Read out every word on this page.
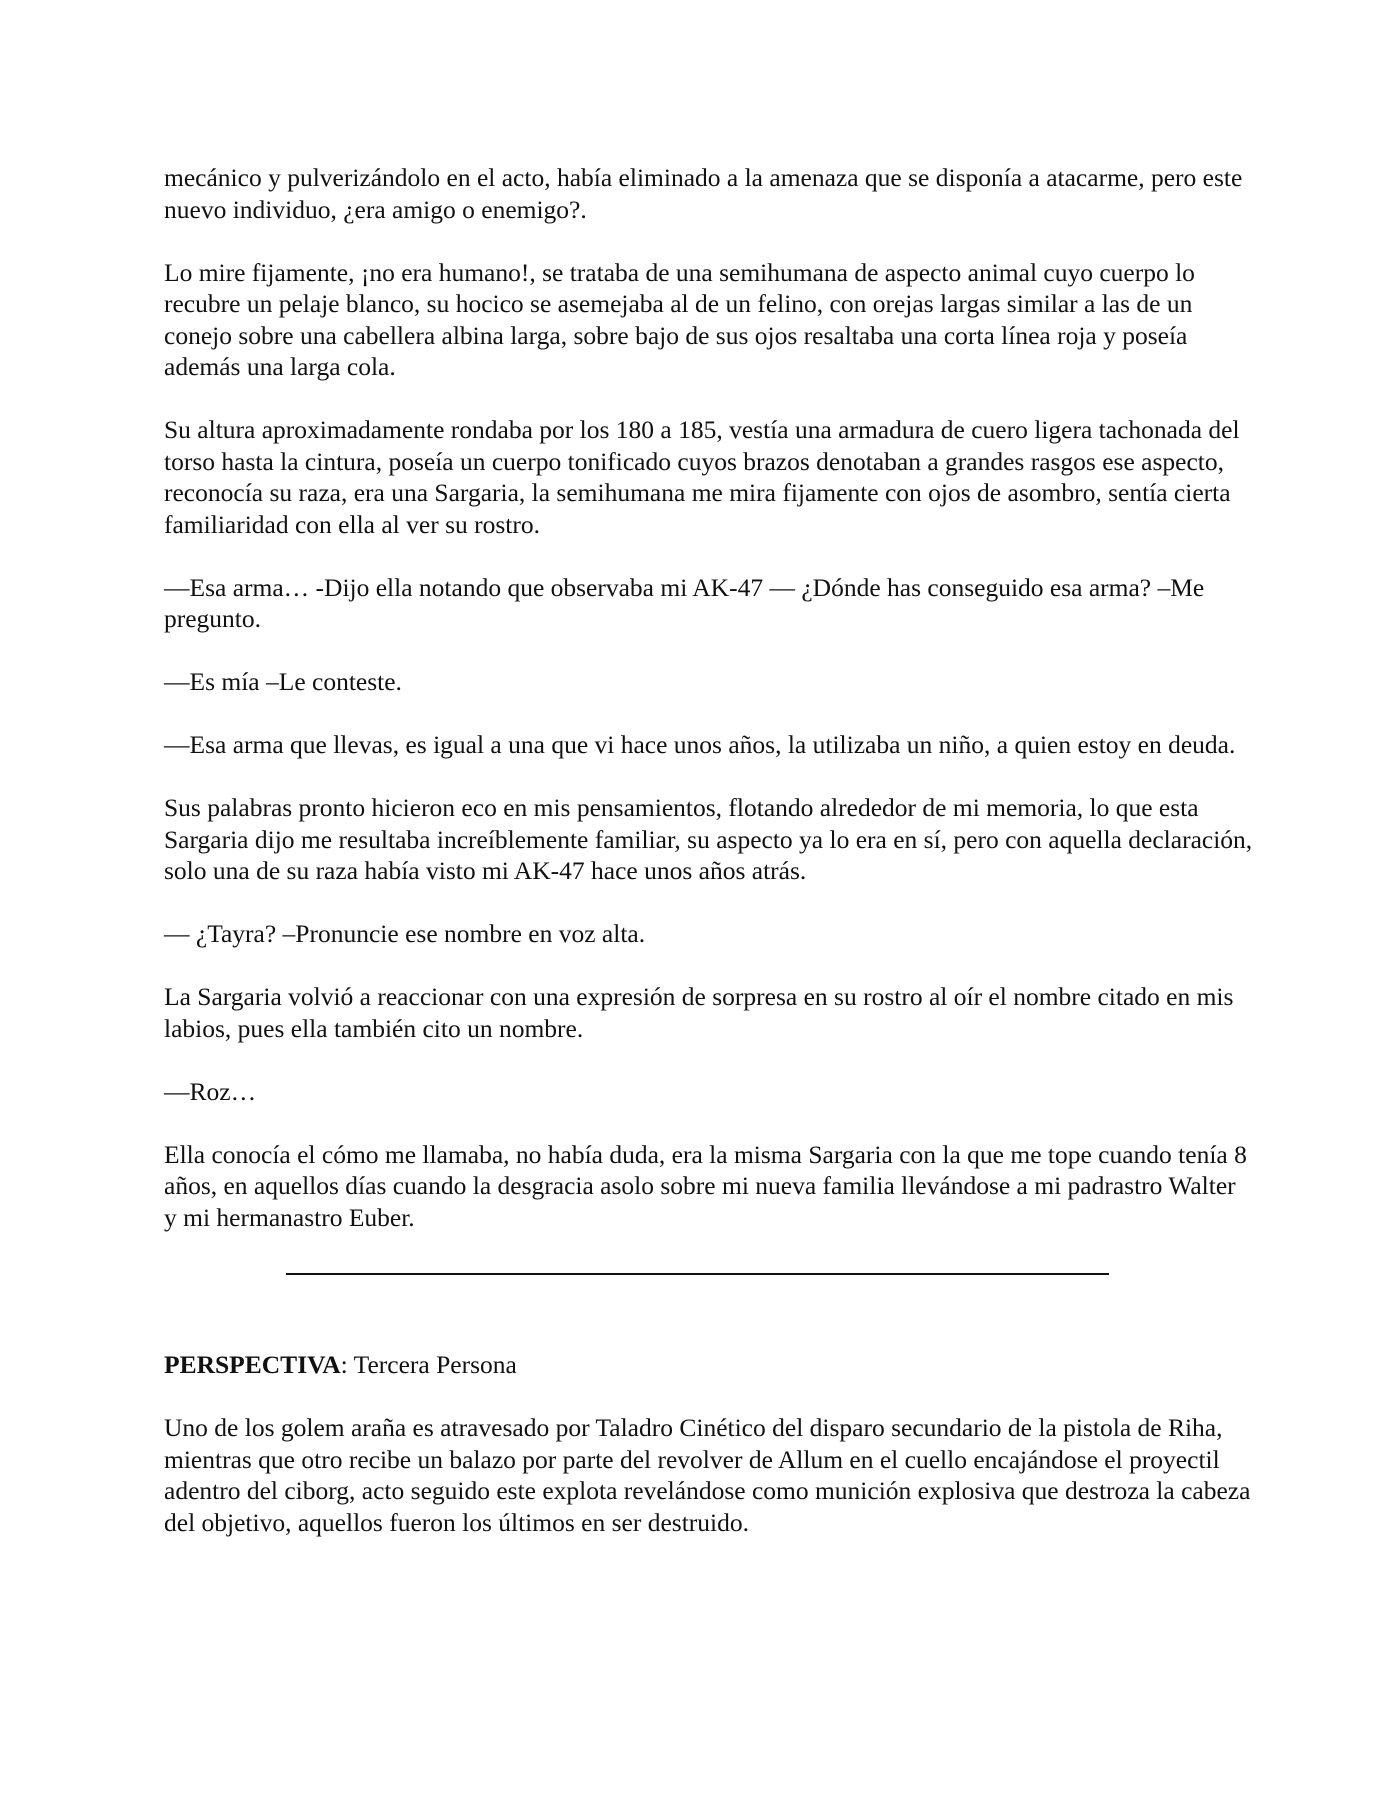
mecánico y pulverizándolo en el acto, había eliminado a la amenaza que se disponía a atacarme, pero este nuevo individuo, ¿era amigo o enemigo?.

Lo mire fijamente, ¡no era humano!, se trataba de una semihumana de aspecto animal cuyo cuerpo lo recubre un pelaje blanco, su hocico se asemejaba al de un felino, con orejas largas similar a las de un conejo sobre una cabellera albina larga, sobre bajo de sus ojos resaltaba una corta línea roja y poseía además una larga cola.

Su altura aproximadamente rondaba por los 180 a 185, vestía una armadura de cuero ligera tachonada del torso hasta la cintura, poseía un cuerpo tonificado cuyos brazos denotaban a grandes rasgos ese aspecto, reconocía su raza, era una Sargaria, la semihumana me mira fijamente con ojos de asombro, sentía cierta familiaridad con ella al ver su rostro.

—Esa arma… -Dijo ella notando que observaba mi AK-47 — ¿Dónde has conseguido esa arma? –Me pregunto.

—Es mía –Le conteste.

—Esa arma que llevas, es igual a una que vi hace unos años, la utilizaba un niño, a quien estoy en deuda.

Sus palabras pronto hicieron eco en mis pensamientos, flotando alrededor de mi memoria, lo que esta Sargaria dijo me resultaba increíblemente familiar, su aspecto ya lo era en sí, pero con aquella declaración, solo una de su raza había visto mi AK-47 hace unos años atrás.

— ¿Tayra? –Pronuncie ese nombre en voz alta.

La Sargaria volvió a reaccionar con una expresión de sorpresa en su rostro al oír el nombre citado en mis labios, pues ella también cito un nombre.

—Roz…

Ella conocía el cómo me llamaba, no había duda, era la misma Sargaria con la que me tope cuando tenía 8 años, en aquellos días cuando la desgracia asolo sobre mi nueva familia llevándose a mi padrastro Walter y mi hermanastro Euber.

PERSPECTIVA: Tercera Persona

Uno de los golem araña es atravesado por Taladro Cinético del disparo secundario de la pistola de Riha, mientras que otro recibe un balazo por parte del revolver de Allum en el cuello encajándose el proyectil adentro del ciborg, acto seguido este explota revelándose como munición explosiva que destroza la cabeza del objetivo, aquellos fueron los últimos en ser destruido.
